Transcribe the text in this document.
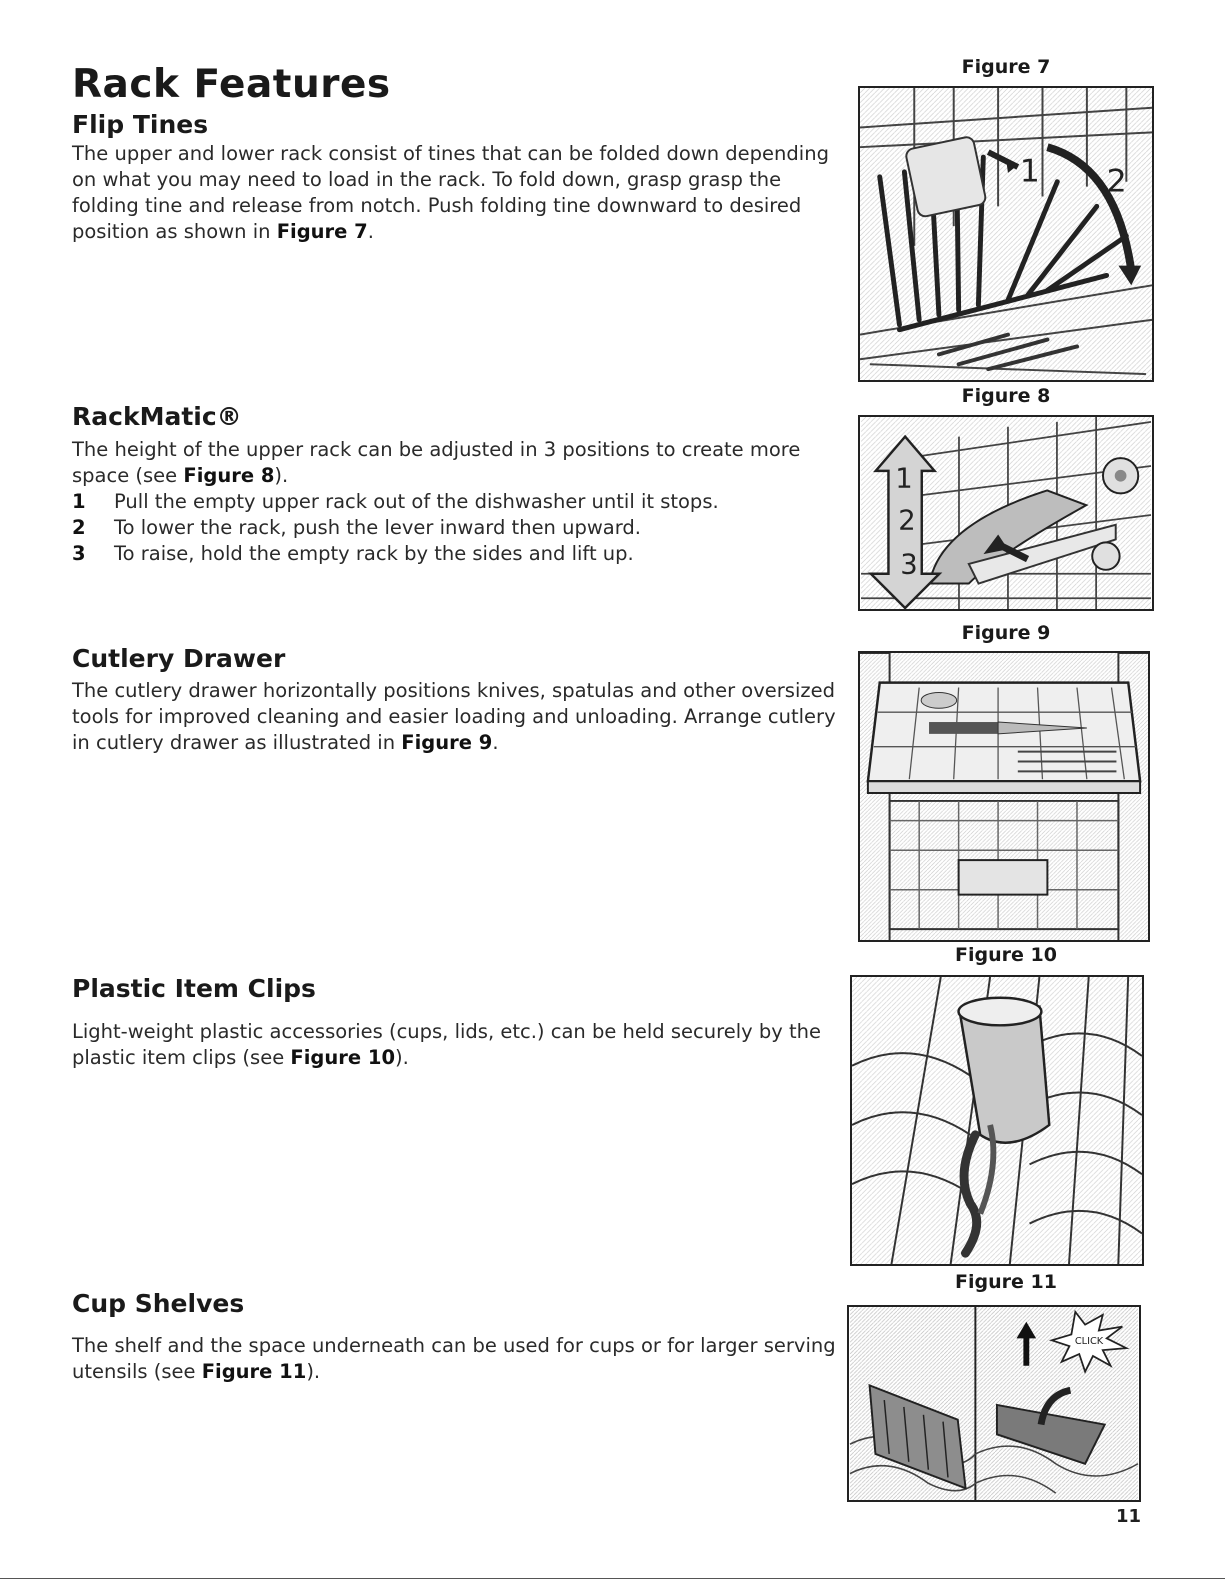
Rack Features
Flip Tines

The upper and lower rack consist of tines that can be folded down depending on what you may need to load in the rack. To fold down, grasp grasp the folding tine and release from notch. Push folding tine downward to desired position as shown in Figure 7.

RackMatic®

The height of the upper rack can be adjusted in 3 positions to create more space (see Figure 8).

1	Pull the empty upper rack out of the dishwasher until it stops.
2	To lower the rack, push the lever inward then upward.
3	To raise, hold the empty rack by the sides and lift up.
Cutlery Drawer

The cutlery drawer horizontally positions knives, spatulas and other oversized tools for improved cleaning and easier loading and unloading. Arrange cutlery in cutlery drawer as illustrated in Figure 9.

Plastic Item Clips

Light-weight plastic accessories (cups, lids, etc.) can be held securely by the plastic item clips (see Figure 10).

Cup Shelves

The shelf and the space underneath can be used for cups or for larger serving utensils (see Figure 11).

Figure 7

1 2

Figure 8

1
2
3

Figure 9

Figure 10

Figure 11

CLICK

11
